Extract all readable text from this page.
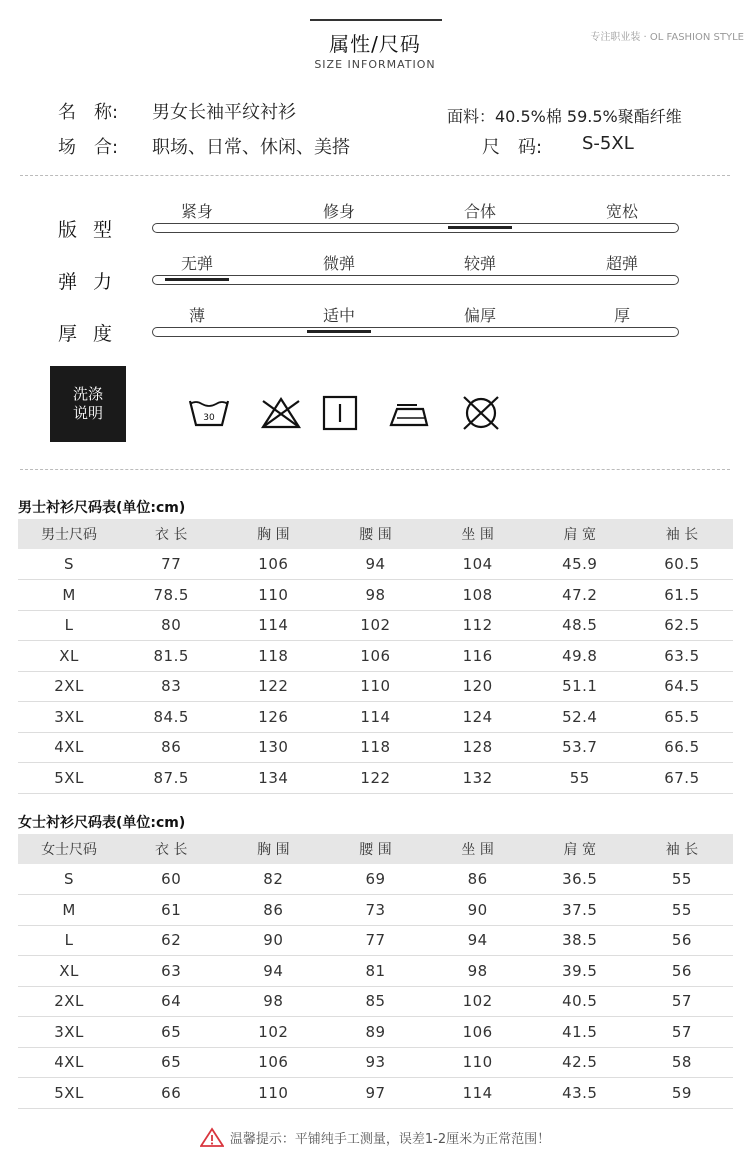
属性/尺码
SIZE INFORMATION
专注职业装 · OL FASHION STYLE
名　称: 男女长袖平纹衬衫
场　合: 职场、日常、休闲、美搭
面料：40.5%棉 59.5%聚酯纤维
尺　码: S-5XL
版型
紧身	修身	合体	宽松
弹力
无弹	微弹	较弹	超弹
厚度
薄	适中	偏厚	厚
洗涤
说明	30
男士衬衫尺码表(单位:cm)
男士尺码	衣 长	胸 围	腰 围	坐 围	肩 宽	袖 长
S	77	106	94	104	45.9	60.5
M	78.5	110	98	108	47.2	61.5
L	80	114	102	112	48.5	62.5
XL	81.5	118	106	116	49.8	63.5
2XL	83	122	110	120	51.1	64.5
3XL	84.5	126	114	124	52.4	65.5
4XL	86	130	118	128	53.7	66.5
5XL	87.5	134	122	132	55	67.5
女士衬衫尺码表(单位:cm)
女士尺码	衣 长	胸 围	腰 围	坐 围	肩 宽	袖 长
S	60	82	69	86	36.5	55
M	61	86	73	90	37.5	55
L	62	90	77	94	38.5	56
XL	63	94	81	98	39.5	56
2XL	64	98	85	102	40.5	57
3XL	65	102	89	106	41.5	57
4XL	65	106	93	110	42.5	58
5XL	66	110	97	114	43.5	59
温馨提示：平铺纯手工测量，误差1-2厘米为正常范围！
